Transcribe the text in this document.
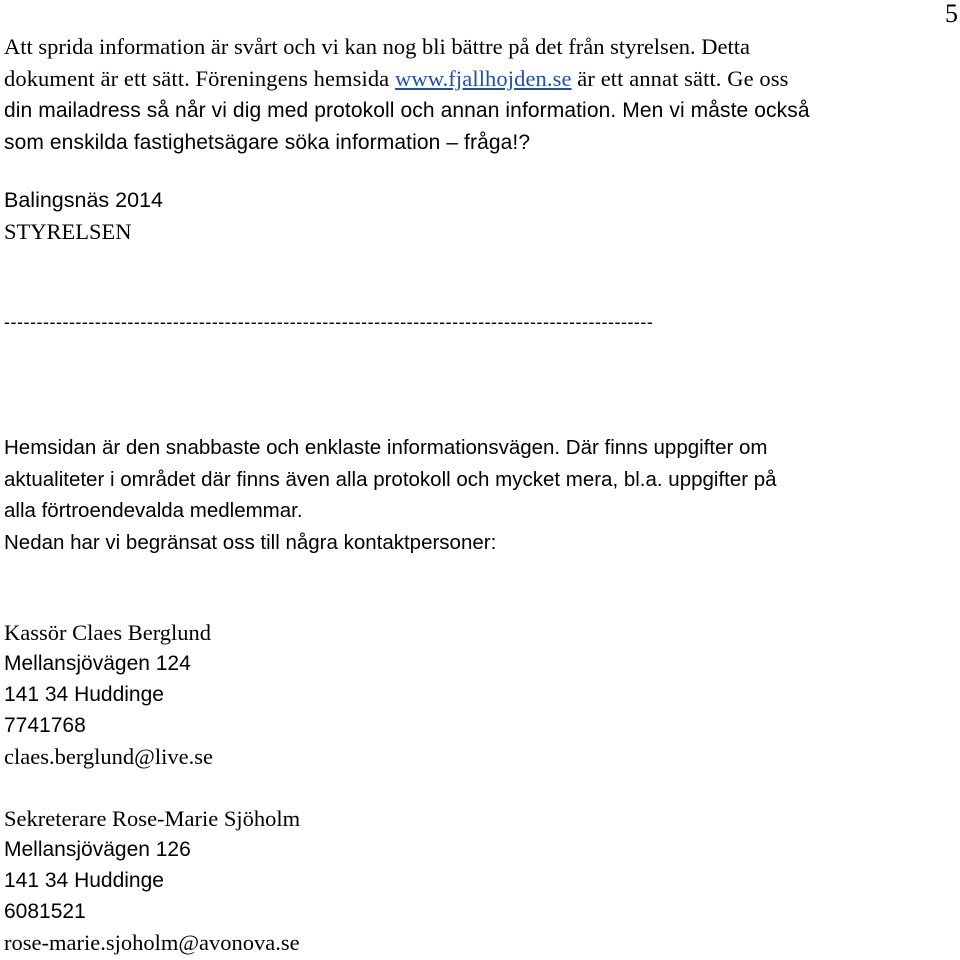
5
Att sprida information är svårt och vi kan nog bli bättre på det från styrelsen. Detta
dokument är ett sätt. Föreningens hemsida www.fjallhojden.se är ett annat sätt. Ge oss
din mailadress så når vi dig med protokoll och annan information. Men vi måste också
som enskilda fastighetsägare söka information – fråga!?
Balingsnäs 2014
STYRELSEN
----------------------------------------------------------------------------------------------------
Hemsidan är den snabbaste och enklaste informationsvägen. Där finns uppgifter om
aktualiteter i området där finns även alla protokoll och mycket mera, bl.a. uppgifter på
alla förtroendevalda medlemmar.
Nedan har vi begränsat oss till några kontaktpersoner:
Kassör Claes Berglund
Mellansjövägen 124
141 34 Huddinge
7741768
claes.berglund@live.se
Sekreterare Rose-Marie Sjöholm
Mellansjövägen 126
141 34 Huddinge
6081521
rose-marie.sjoholm@avonova.se
